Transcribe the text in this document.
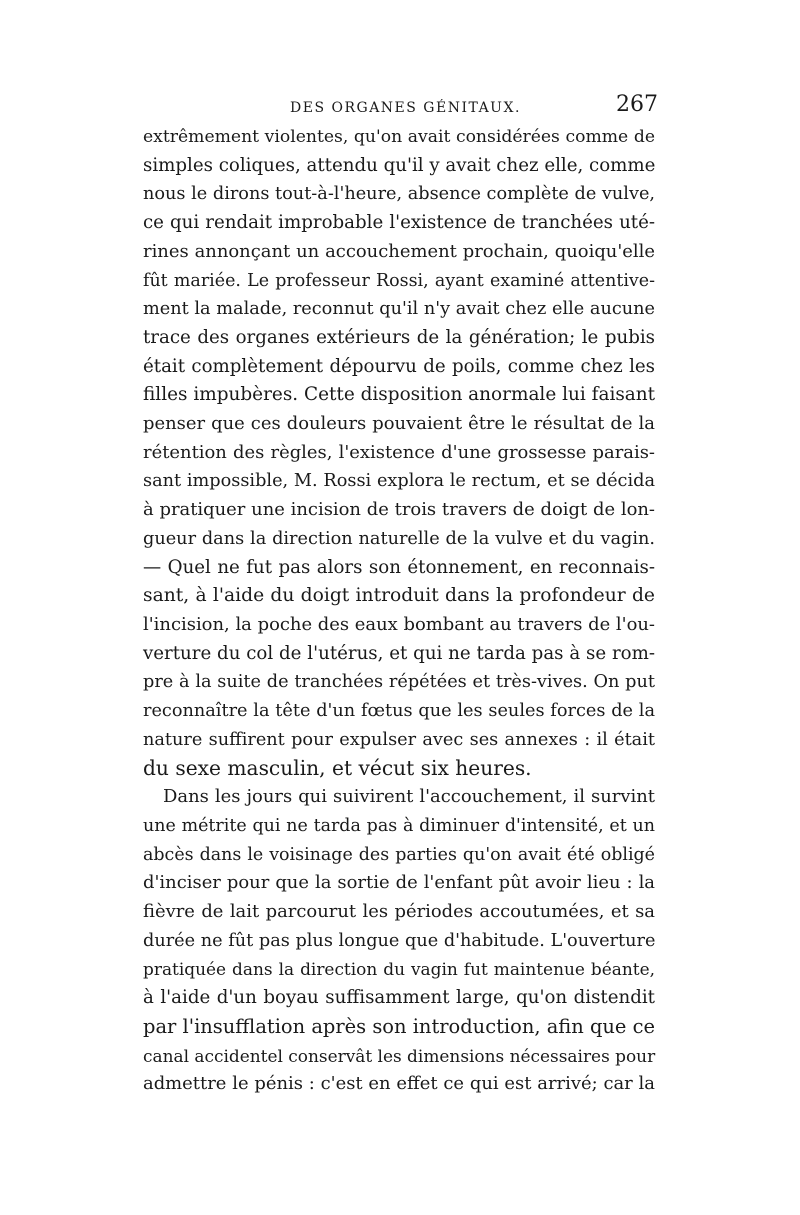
DES ORGANES GÉNITAUX.	267
extrêmement violentes, qu'on avait considérées comme de
simples coliques, attendu qu'il y avait chez elle, comme
nous le dirons tout-à-l'heure, absence complète de vulve,
ce qui rendait improbable l'existence de tranchées uté-
rines annonçant un accouchement prochain, quoiqu'elle
fût mariée. Le professeur Rossi, ayant examiné attentive-
ment la malade, reconnut qu'il n'y avait chez elle aucune
trace des organes extérieurs de la génération; le pubis
était complètement dépourvu de poils, comme chez les
filles impubères. Cette disposition anormale lui faisant
penser que ces douleurs pouvaient être le résultat de la
rétention des règles, l'existence d'une grossesse parais-
sant impossible, M. Rossi explora le rectum, et se décida
à pratiquer une incision de trois travers de doigt de lon-
gueur dans la direction naturelle de la vulve et du vagin.
— Quel ne fut pas alors son étonnement, en reconnais-
sant, à l'aide du doigt introduit dans la profondeur de
l'incision, la poche des eaux bombant au travers de l'ou-
verture du col de l'utérus, et qui ne tarda pas à se rom-
pre à la suite de tranchées répétées et très-vives. On put
reconnaître la tête d'un fœtus que les seules forces de la
nature suffirent pour expulser avec ses annexes : il était
du sexe masculin, et vécut six heures.
Dans les jours qui suivirent l'accouchement, il survint
une métrite qui ne tarda pas à diminuer d'intensité, et un
abcès dans le voisinage des parties qu'on avait été obligé
d'inciser pour que la sortie de l'enfant pût avoir lieu : la
fièvre de lait parcourut les périodes accoutumées, et sa
durée ne fût pas plus longue que d'habitude. L'ouverture
pratiquée dans la direction du vagin fut maintenue béante,
à l'aide d'un boyau suffisamment large, qu'on distendit
par l'insufflation après son introduction, afin que ce
canal accidentel conservât les dimensions nécessaires pour
admettre le pénis : c'est en effet ce qui est arrivé; car la
